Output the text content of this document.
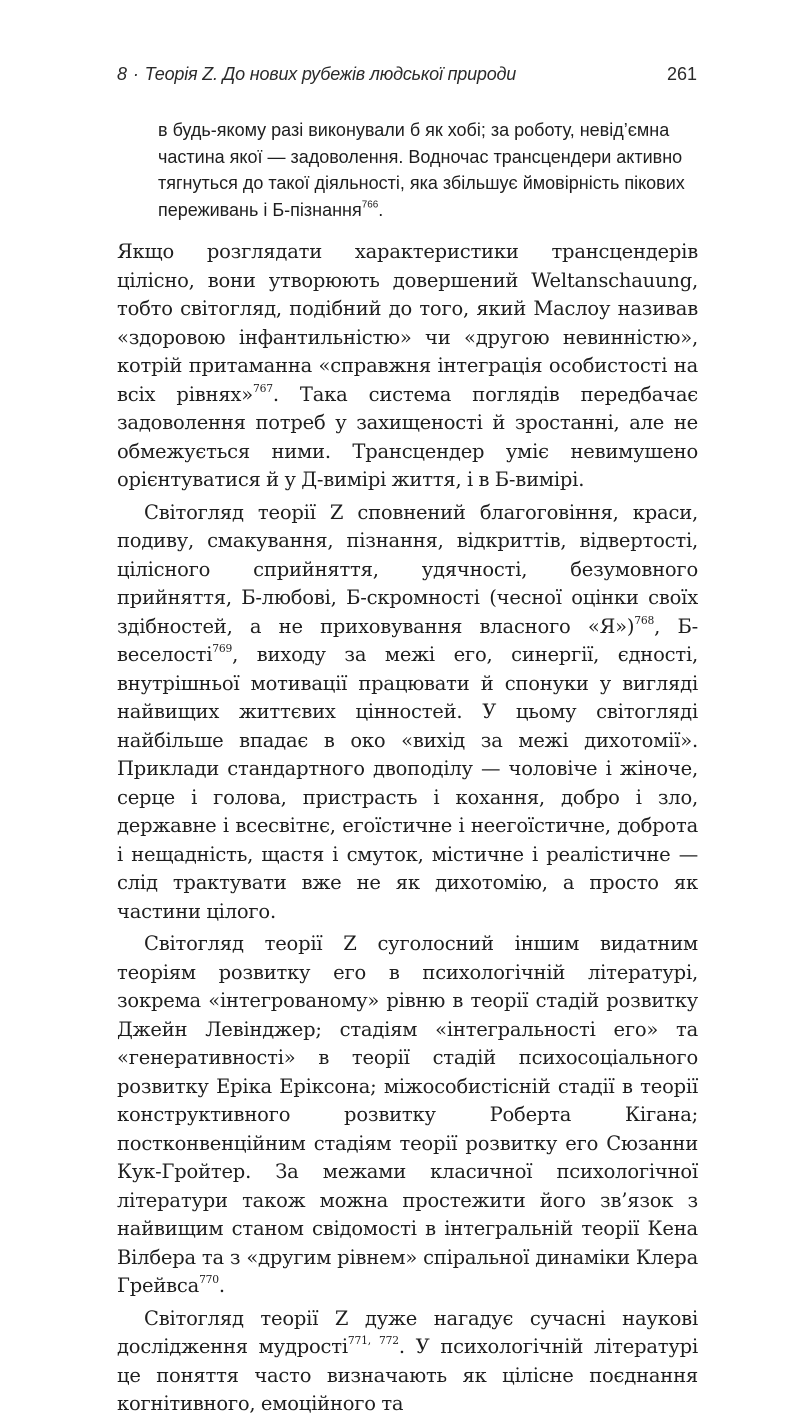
8 · Теорія Z. До нових рубежів людської природи	261

в будь-якому разі виконували б як хобі; за роботу, невід’ємна частина якої — задоволення. Водночас трансцендери активно тягнуться до такої діяльності, яка збільшує ймовірність пікових переживань і Б-пізнання$^{766}$.

Якщо розглядати характеристики трансцендерів цілісно, вони утворюють довершений Weltanschauung, тобто світогляд, подібний до того, який Маслоу називав «здоровою інфантильністю» чи «другою невинністю», котрій притаманна «справжня інтеграція особистості на всіх рівнях»$^{767}$. Така система поглядів передбачає задоволення потреб у захищеності й зростанні, але не обмежується ними. Трансцендер уміє невимушено орієнтуватися й у Д-вимірі життя, і в Б-вимірі.

Світогляд теорії Z сповнений благоговіння, краси, подиву, смакування, пізнання, відкриттів, відвертості, цілісного сприйняття, удячності, безумовного прийняття, Б-любові, Б-скромності (чесної оцінки своїх здібностей, а не приховування власного «Я»)$^{768}$, Б-веселості$^{769}$, виходу за межі его, синергії, єдності, внутрішньої мотивації працювати й спонуки у вигляді найвищих життєвих цінностей. У цьому світогляді найбільше впадає в око «вихід за межі дихотомії». Приклади стандартного двоподілу — чоловіче і жіноче, серце і голова, пристрасть і кохання, добро і зло, державне і всесвітнє, егоїстичне і неегоїстичне, доброта і нещадність, щастя і смуток, містичне і реалістичне — слід трактувати вже не як дихотомію, а просто як частини цілого.

Світогляд теорії Z суголосний іншим видатним теоріям розвитку его в психологічній літературі, зокрема «інтегрованому» рівню в теорії стадій розвитку Джейн Левінджер; стадіям «інтегральності его» та «генеративності» в теорії стадій психосоціального розвитку Еріка Еріксона; міжособистісній стадії в теорії конструктивного розвитку Роберта Кігана; постконвенційним стадіям теорії розвитку его Сюзанни Кук-Гройтер. За межами класичної психологічної літератури також можна простежити його зв’язок з найвищим станом свідомості в інтегральній теорії Кена Вілбера та з «другим рівнем» спіральної динаміки Клера Грейвса$^{770}$.

Світогляд теорії Z дуже нагадує сучасні наукові дослідження мудрості$^{771, 772}$. У психологічній літературі це поняття часто визначають як цілісне поєднання когнітивного, емоційного та
